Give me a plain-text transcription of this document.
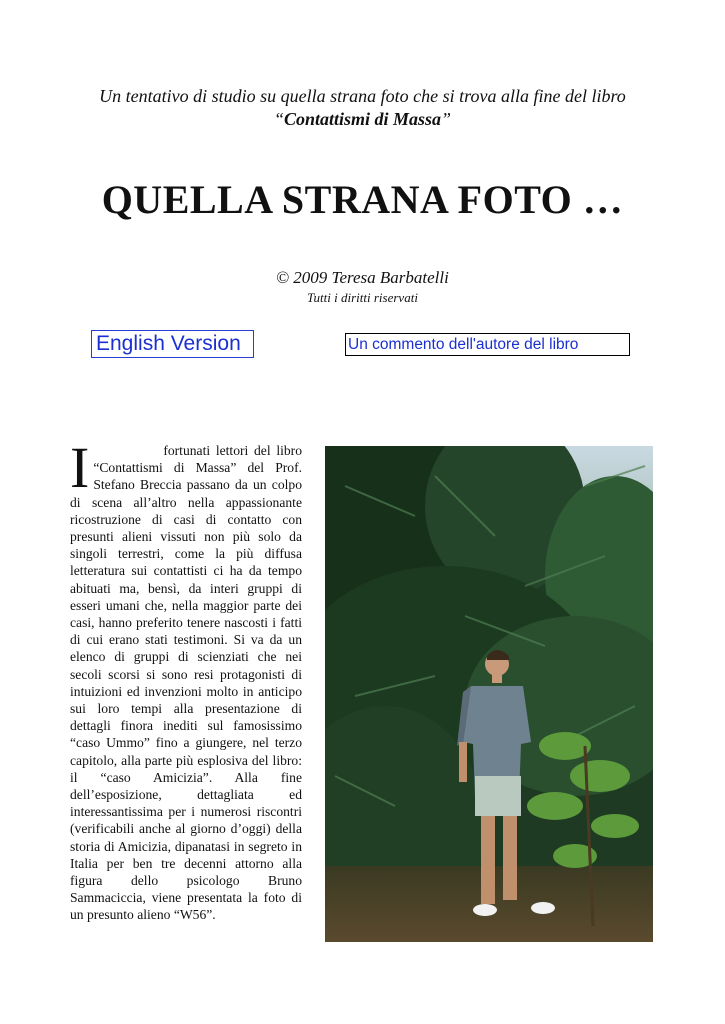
Un tentativo di studio su quella strana foto che si trova alla fine del libro
“Contattismi di Massa”
QUELLA STRANA FOTO …
© 2009 Teresa Barbatelli
Tutti i diritti riservati
English Version	Un commento dell'autore del libro
I	fortunati lettori del libro “Contattismi di Massa” del Prof. Stefano Breccia passano da un colpo di scena all’altro nella appassionante ricostruzione di casi di contatto con presunti alieni vissuti non più solo da singoli terrestri, come la più diffusa letteratura sui contattisti ci ha da tempo abituati ma, bensì, da interi gruppi di esseri umani che, nella maggior parte dei casi, hanno preferito tenere nascosti i fatti di cui erano stati testimoni. Si va da un elenco di gruppi di scienziati che nei secoli scorsi si sono resi protagonisti di intuizioni ed invenzioni molto in anticipo sui loro tempi alla presentazione di dettagli finora inediti sul famosissimo “caso Ummo” fino a giungere, nel terzo capitolo, alla parte più esplosiva del libro: il “caso Amicizia”. Alla fine dell’esposizione, dettagliata ed interessantissima per i numerosi riscontri (verificabili anche al giorno d’oggi) della storia di Amicizia, dipanatasi in segreto in Italia per ben tre decenni attorno alla figura dello psicologo Bruno Sammaciccia, viene presentata la foto di un presunto alieno “W56”.
